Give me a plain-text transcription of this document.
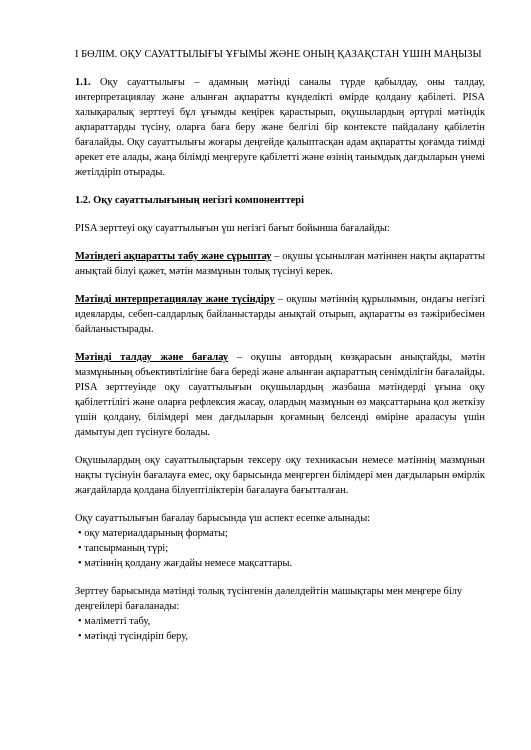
I БӨЛІМ. ОҚУ САУАТТЫЛЫҒЫ ҰҒЫМЫ ЖӘНЕ ОНЫҢ ҚАЗАҚСТАН ҮШІН МАҢЫЗЫ

1.1. Оқу сауаттылығы – адамның мәтінді саналы түрде қабылдау, оны талдау, интерпретациялау және алынған ақпаратты күнделікті өмірде қолдану қабілеті. PISA халықаралық зерттеуі бұл ұғымды кеңірек қарастырып, оқушылардың әртүрлі мәтіндік ақпараттарды түсіну, оларға баға беру және белгілі бір контекстe пайдалану қабілетін бағалайды. Оқу сауаттылығы жоғары деңгейде қалыптасқан адам ақпаратты қоғамда тиімді әрекет ете алады, жаңа білімді меңгеруге қабілетті және өзінің танымдық дағдыларын үнемі жетілдіріп отырады.

1.2. Оқу сауаттылығының негізгі компоненттері

PISA зерттеуі оқу сауаттылығын үш негізгі бағыт бойынша бағалайды:

Мәтіндегі ақпаратты табу және сұрыптау – оқушы ұсынылған мәтіннен нақты ақпаратты анықтай білуі қажет, мәтін мазмұнын толық түсінуі керек.

Мәтінді интерпретациялау және түсіндіру – оқушы мәтіннің құрылымын, ондағы негізгі идеяларды, себеп-салдарлық байланыстарды анықтай отырып, ақпаратты өз тәжірибесімен байланыстырады.

Мәтінді талдау және бағалау – оқушы автордың көзқарасын анықтайды, мәтін мазмұнының объективтілігіне баға береді және алынған ақпараттың сенімділігін бағалайды.

PISA зерттеуінде оқу сауаттылығын оқушылардың жазбаша мәтіндерді ұғына оқу қабілеттілігі және оларға рефлексия жасау, олардың мазмұнын өз мақсаттарына қол жеткізу үшін қолдану, білімдері мен дағдыларын қоғамның белсенді өміріне араласуы үшін дамытуы деп түсінуге болады.

Оқушылардың оқу сауаттылықтарын тексеру оқу техникасын немесе мәтіннің мазмұнын нақты түсінуін бағалауға емес, оқу барысында меңгерген білімдері мен дағдыларын өмірлік жағдайларда қолдана білуептіліктерін бағалауға бағытталған.

Оқу сауаттылығын бағалау барысында үш аспект есепке алынады:

• оқу материалдарының форматы;
• тапсырманың түрі;
• мәтіннің қолдану жағдайы немесе мақсаттары.

Зерттеу барысында мәтінді толық түсінгенін дәлелдейтін машықтары мен меңгере білу деңгейлері бағаланады:

• мәліметті табу,
• мәтінді түсіндіріп беру,
